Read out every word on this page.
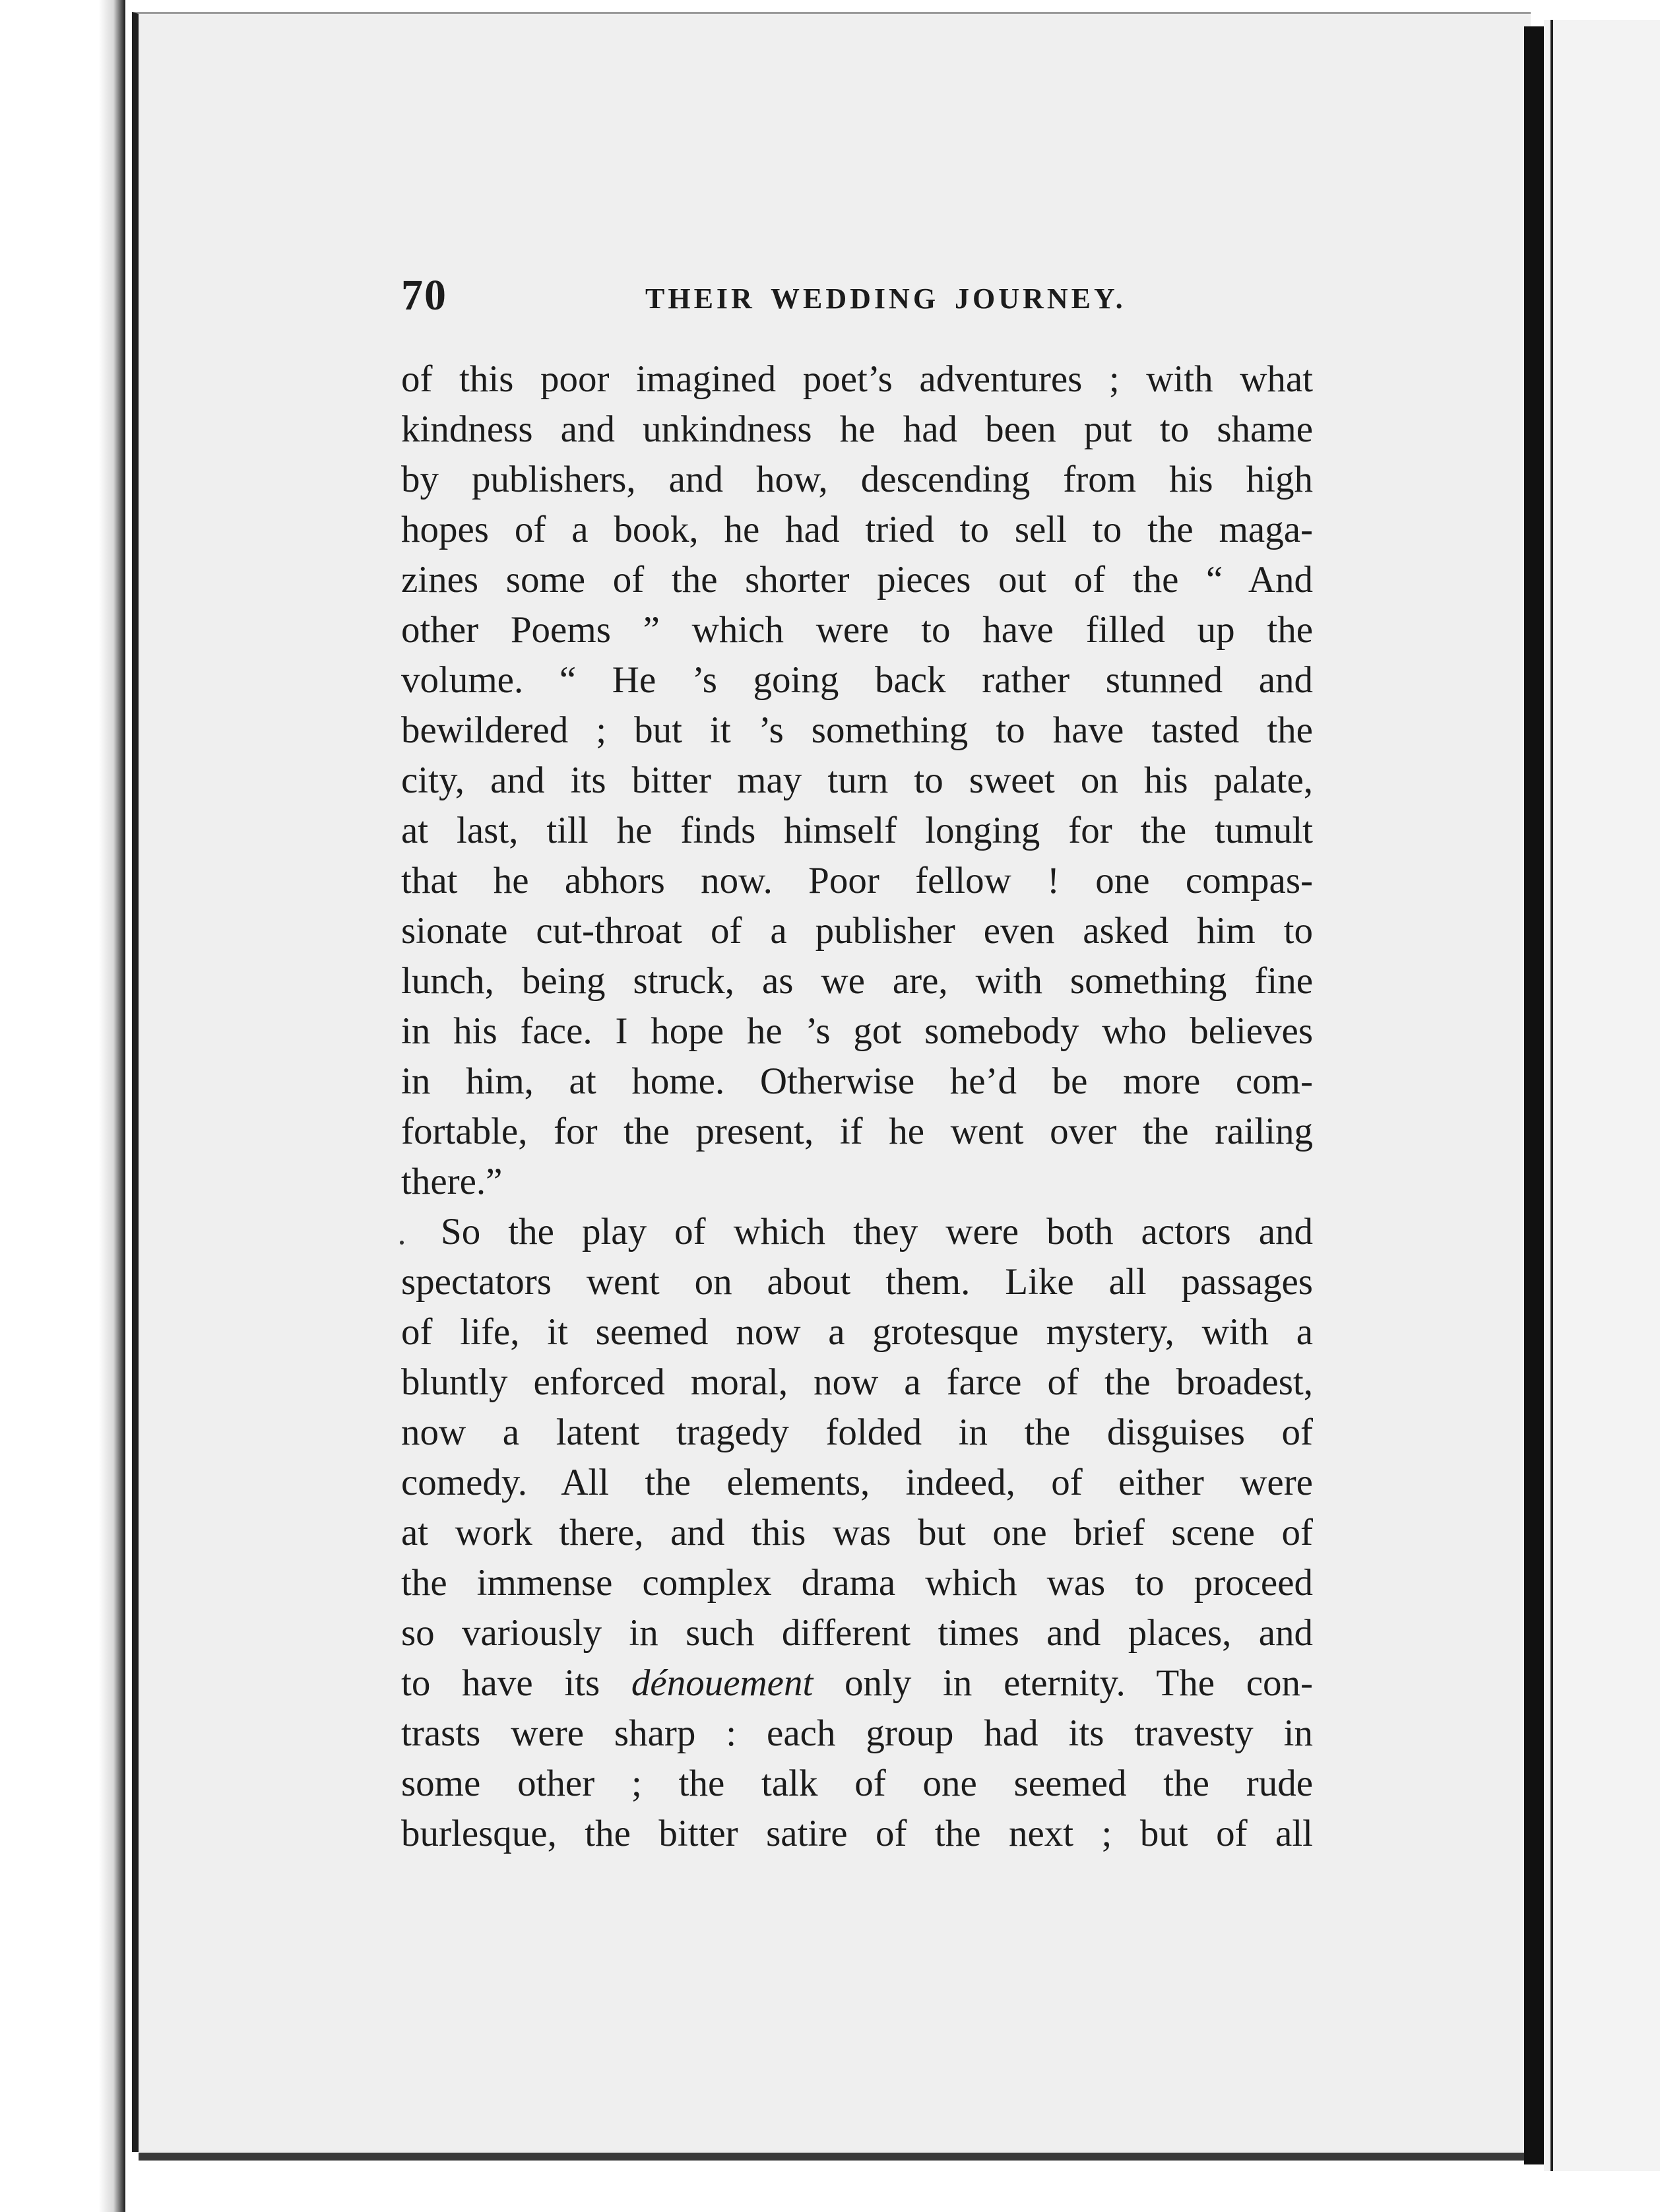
70	THEIR WEDDING JOURNEY.
of this poor imagined poet’s adventures ; with what
kindness and unkindness he had been put to shame
by publishers, and how, descending from his high
hopes of a book, he had tried to sell to the maga-
zines some of the shorter pieces out of the “ And
other Poems ” which were to have filled up the
volume. “ He ’s going back rather stunned and
bewildered ; but it ’s something to have tasted the
city, and its bitter may turn to sweet on his palate,
at last, till he finds himself longing for the tumult
that he abhors now. Poor fellow ! one compas-
sionate cut-throat of a publisher even asked him to
lunch, being struck, as we are, with something fine
in his face. I hope he ’s got somebody who believes
in him, at home. Otherwise he’d be more com-
fortable, for the present, if he went over the railing
there.”
So the play of which they were both actors and
spectators went on about them. Like all passages
of life, it seemed now a grotesque mystery, with a
bluntly enforced moral, now a farce of the broadest,
now a latent tragedy folded in the disguises of
comedy. All the elements, indeed, of either were
at work there, and this was but one brief scene of
the immense complex drama which was to proceed
so variously in such different times and places, and
to have its dénouement only in eternity. The con-
trasts were sharp : each group had its travesty in
some other ; the talk of one seemed the rude
burlesque, the bitter satire of the next ; but of all
